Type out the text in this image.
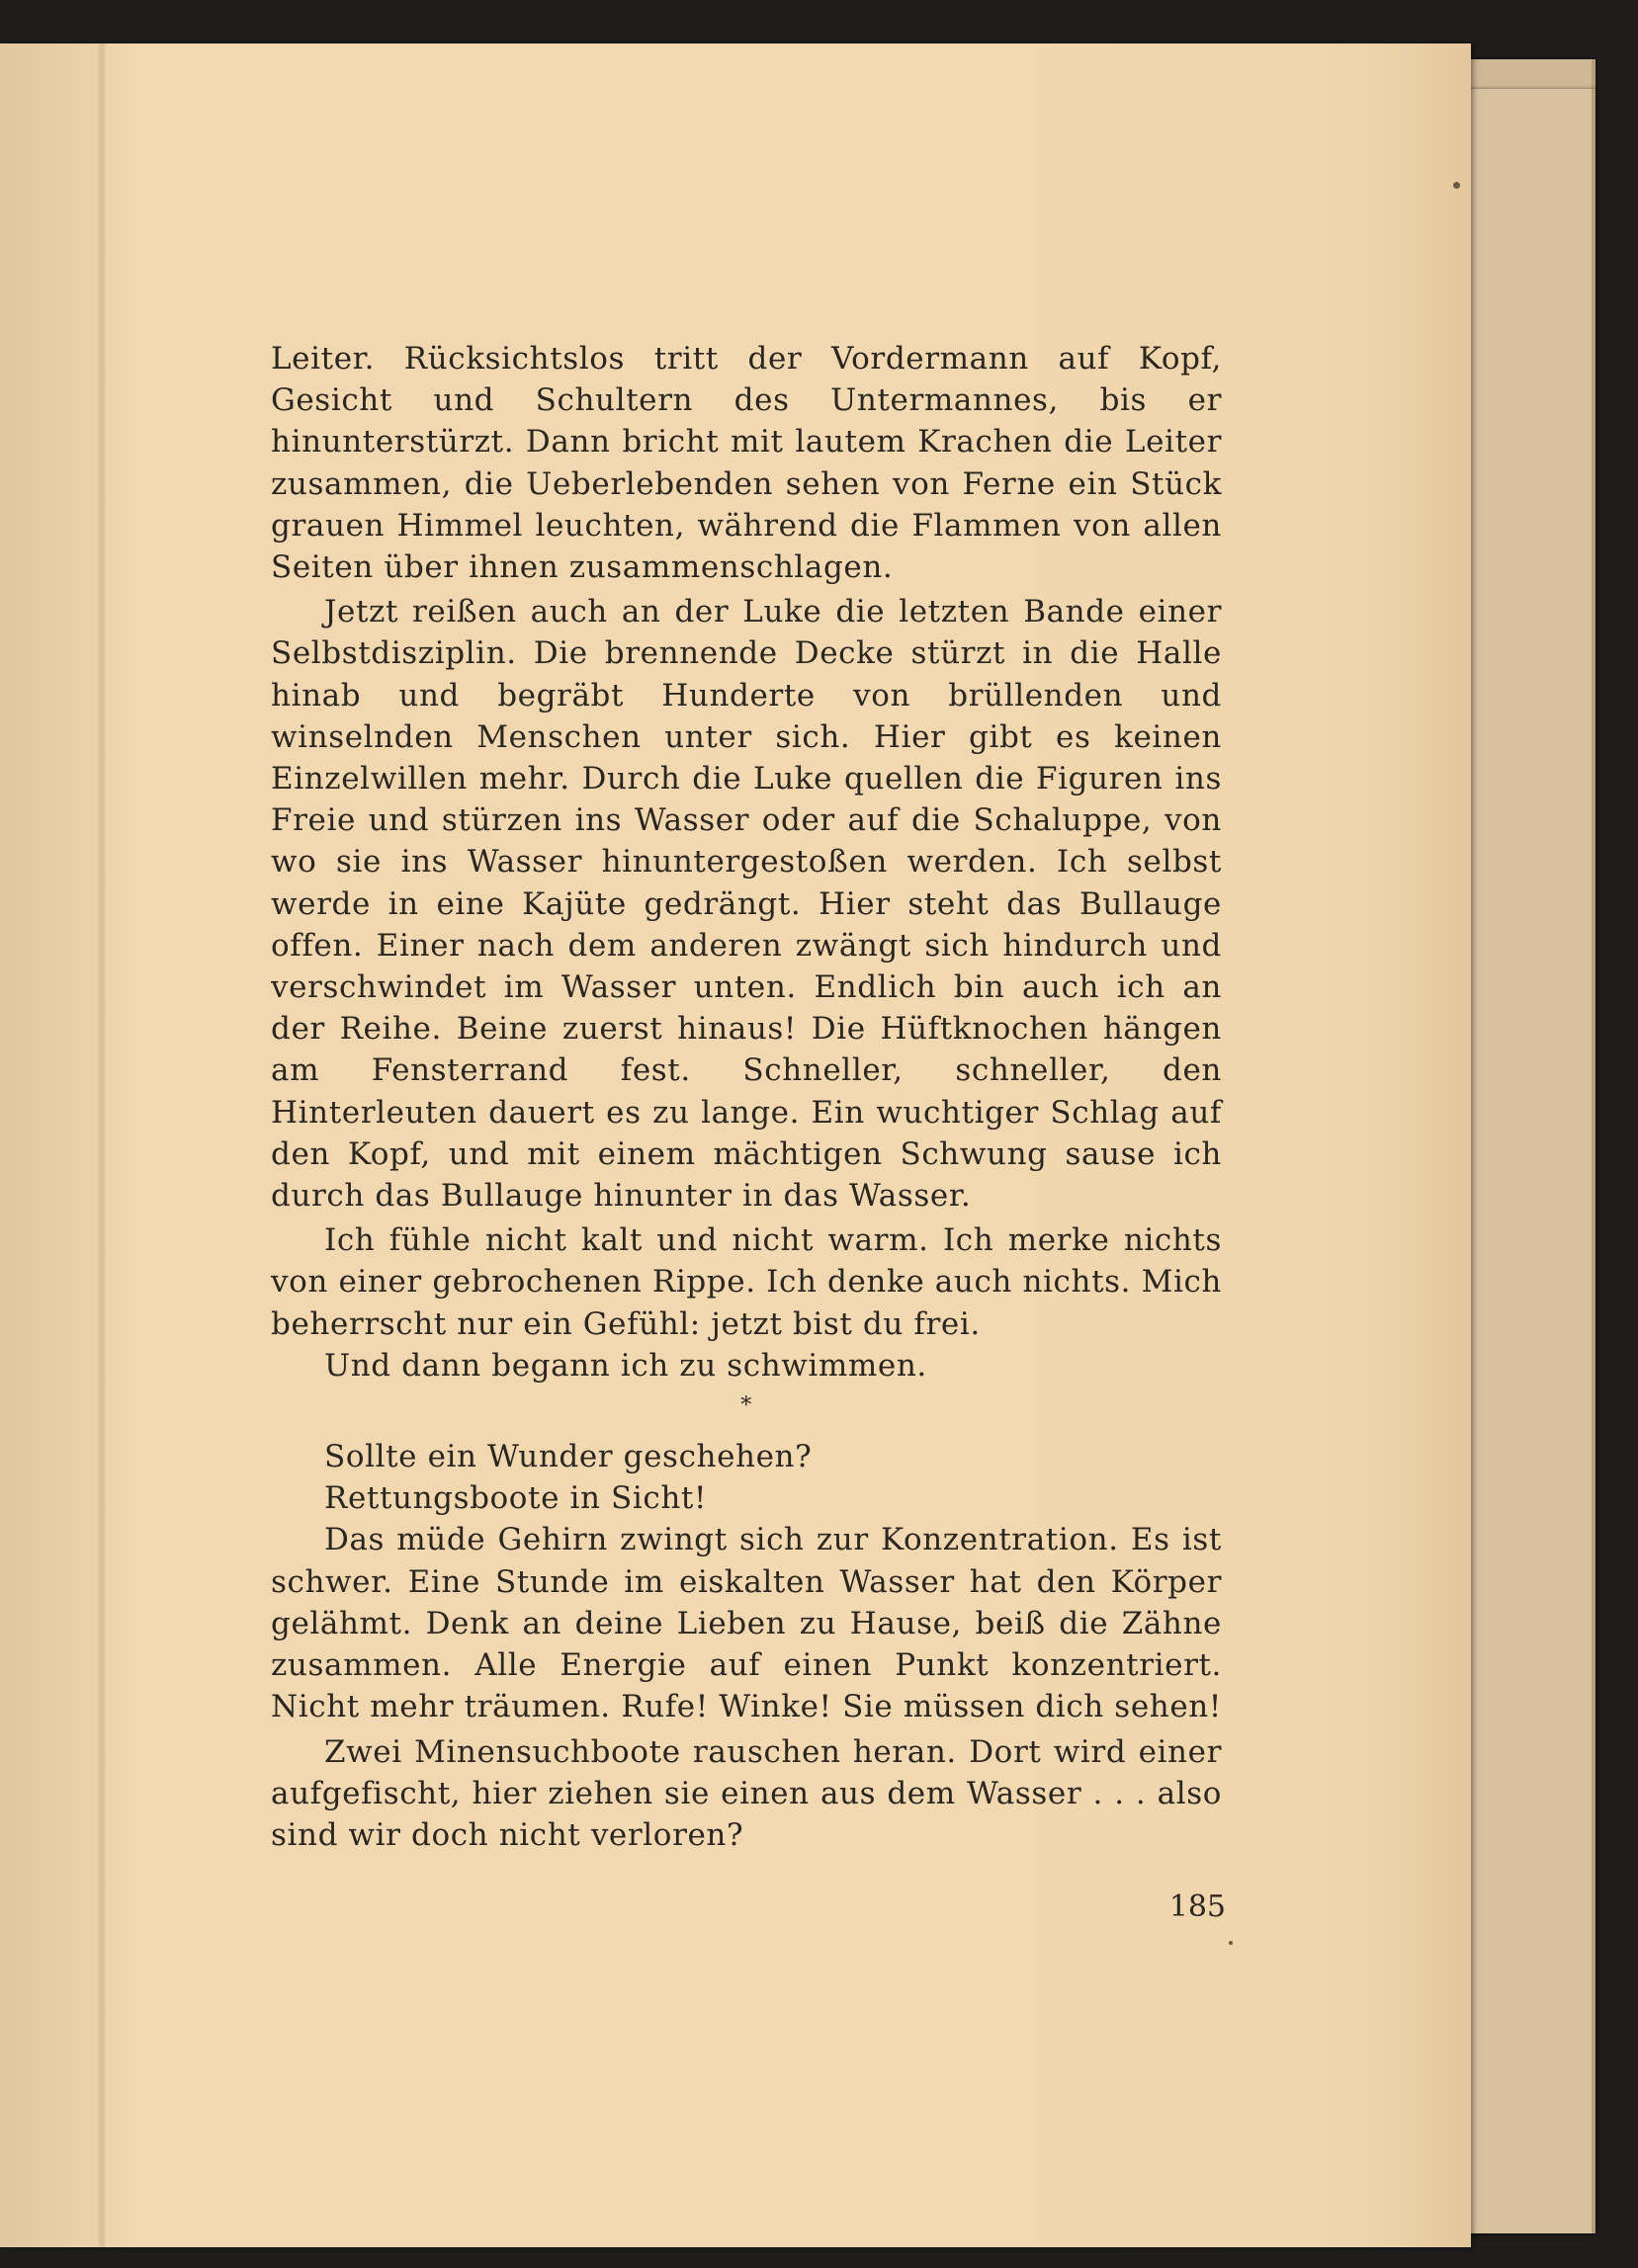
Leiter. Rücksichtslos tritt der Vordermann auf Kopf, Gesicht und Schultern des Untermannes, bis er hinunterstürzt. Dann bricht mit lautem Krachen die Leiter zusammen, die Ueberlebenden sehen von Ferne ein Stück grauen Himmel leuchten, während die Flammen von allen Seiten über ihnen zusammenschlagen.

Jetzt reißen auch an der Luke die letzten Bande einer Selbstdisziplin. Die brennende Decke stürzt in die Halle hinab und begräbt Hunderte von brüllenden und winselnden Menschen unter sich. Hier gibt es keinen Einzelwillen mehr. Durch die Luke quellen die Figuren ins Freie und stürzen ins Wasser oder auf die Schaluppe, von wo sie ins Wasser hinuntergestoßen werden. Ich selbst werde in eine Kajüte gedrängt. Hier steht das Bullauge offen. Einer nach dem anderen zwängt sich hindurch und verschwindet im Wasser unten. Endlich bin auch ich an der Reihe. Beine zuerst hinaus! Die Hüftknochen hängen am Fensterrand fest. Schneller, schneller, den Hinterleuten dauert es zu lange. Ein wuchtiger Schlag auf den Kopf, und mit einem mächtigen Schwung sause ich durch das Bullauge hinunter in das Wasser.

Ich fühle nicht kalt und nicht warm. Ich merke nichts von einer gebrochenen Rippe. Ich denke auch nichts. Mich beherrscht nur ein Gefühl: jetzt bist du frei.

Und dann begann ich zu schwimmen.

*

Sollte ein Wunder geschehen?

Rettungsboote in Sicht!

Das müde Gehirn zwingt sich zur Konzentration. Es ist schwer. Eine Stunde im eiskalten Wasser hat den Körper gelähmt. Denk an deine Lieben zu Hause, beiß die Zähne zusammen. Alle Energie auf einen Punkt konzentriert. Nicht mehr träumen. Rufe! Winke! Sie müssen dich sehen!

Zwei Minensuchboote rauschen heran. Dort wird einer aufgefischt, hier ziehen sie einen aus dem Wasser . . . also sind wir doch nicht verloren?

185
